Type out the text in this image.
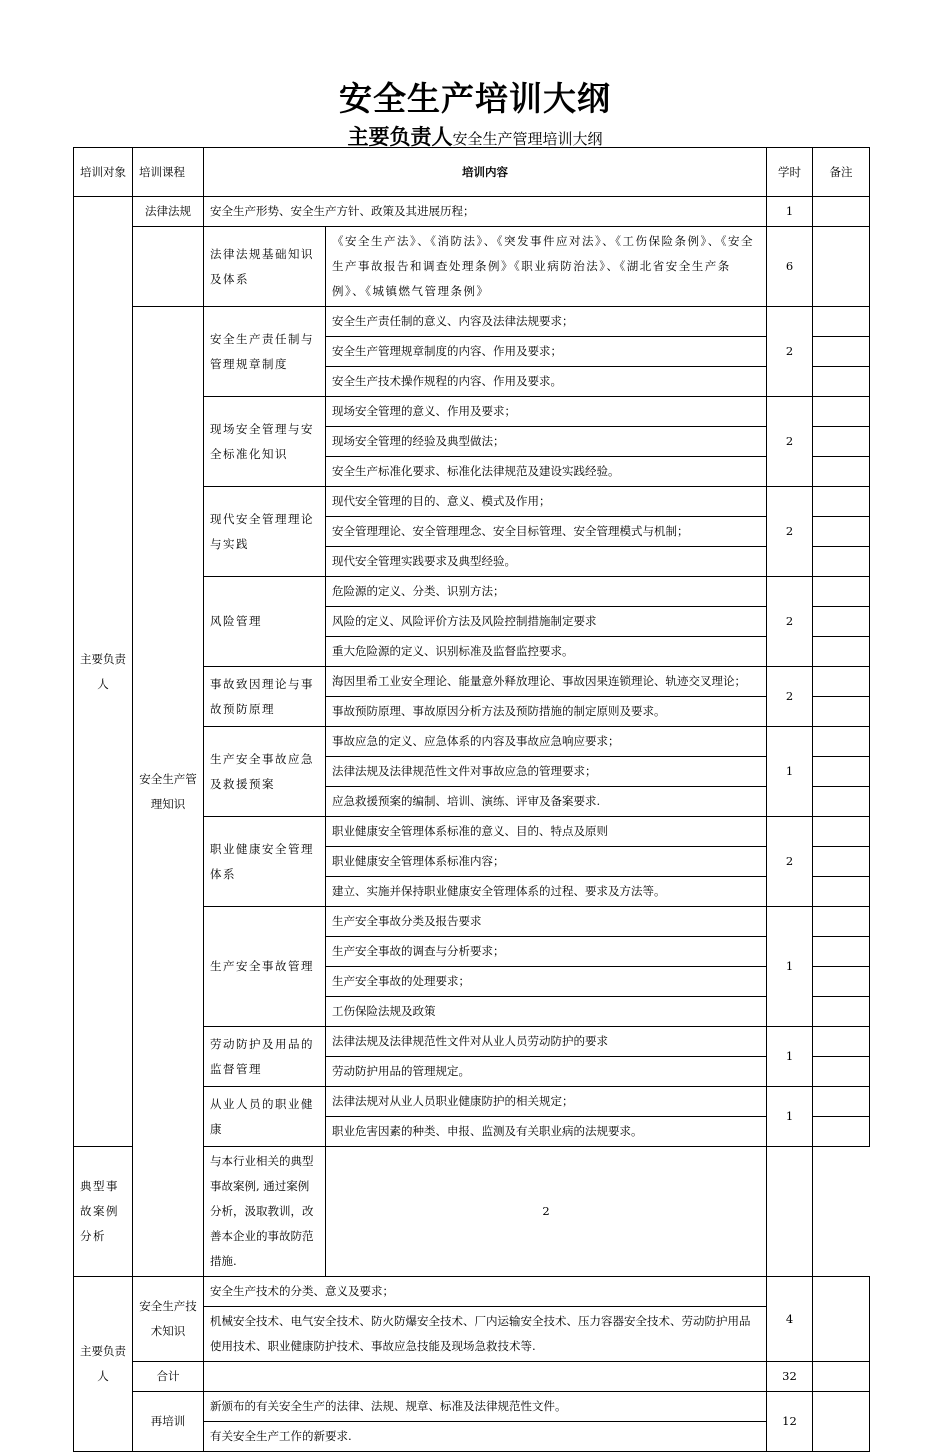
安全生产培训大纲
主要负责人安全生产管理培训大纲
培训对象	培训课程	培训内容		学时	备注
主要负责人	法律法规	安全生产形势、安全生产方针、政策及其进展历程；		1	
		法律法规基础知识及体系	《安全生产法》、《消防法》、《突发事件应对法》、《工伤保险条例》、《安全生产事故报告和调查处理条例》《职业病防治法》、《湖北省安全生产条例》、《城镇燃气管理条例》	6	
	安全生产管理知识	安全生产责任制与管理规章制度	安全生产责任制的意义、内容及法律法规要求；	2	
			安全生产管理规章制度的内容、作用及要求；		
			安全生产技术操作规程的内容、作用及要求。		
		现场安全管理与安全标准化知识	现场安全管理的意义、作用及要求；	2	
			现场安全管理的经验及典型做法；		
			安全生产标准化要求、标准化法律规范及建设实践经验。		
		现代安全管理理论与实践	现代安全管理的目的、意义、模式及作用；	2	
			安全管理理论、安全管理理念、安全目标管理、安全管理模式与机制；		
			现代安全管理实践要求及典型经验。		
		风险管理	危险源的定义、分类、识别方法；	2	
			风险的定义、风险评价方法及风险控制措施制定要求		
			重大危险源的定义、识别标准及监督监控要求。		
		事故致因理论与事故预防原理	海因里希工业安全理论、能量意外释放理论、事故因果连锁理论、轨迹交叉理论；	2	
			事故预防原理、事故原因分析方法及预防措施的制定原则及要求。		
		生产安全事故应急及救援预案	事故应急的定义、应急体系的内容及事故应急响应要求；	1	
			法律法规及法律规范性文件对事故应急的管理要求；		
			应急救援预案的编制、培训、演练、评审及备案要求.		
		职业健康安全管理体系	职业健康安全管理体系标准的意义、目的、特点及原则	2	
			职业健康安全管理体系标准内容；		
			建立、实施并保持职业健康安全管理体系的过程、要求及方法等。		
		生产安全事故管理	生产安全事故分类及报告要求	1	
			生产安全事故的调查与分析要求；		
			生产安全事故的处理要求；		
			工伤保险法规及政策		
		劳动防护及用品的监督管理	法律法规及法律规范性文件对从业人员劳动防护的要求	1	
			劳动防护用品的管理规定。		
		从业人员的职业健康	法律法规对从业人员职业健康防护的相关规定；	1	
			职业危害因素的种类、申报、监测及有关职业病的法规要求。		
典型事故案例分析		与本行业相关的典型事故案例, 通过案例分析，汲取教训，改善本企业的事故防范措施.	2		
主要负责人	安全生产技术知识	安全生产技术的分类、意义及要求；		4	
		机械安全技术、电气安全技术、防火防爆安全技术、厂内运输安全技术、压力容器安全技术、劳动防护用品使用技术、职业健康防护技术、事故应急技能及现场急救技术等.			
	合计			32	
	再培训	新颁布的有关安全生产的法律、法规、规章、标准及法律规范性文件。		12	
		有关安全生产工作的新要求.			
